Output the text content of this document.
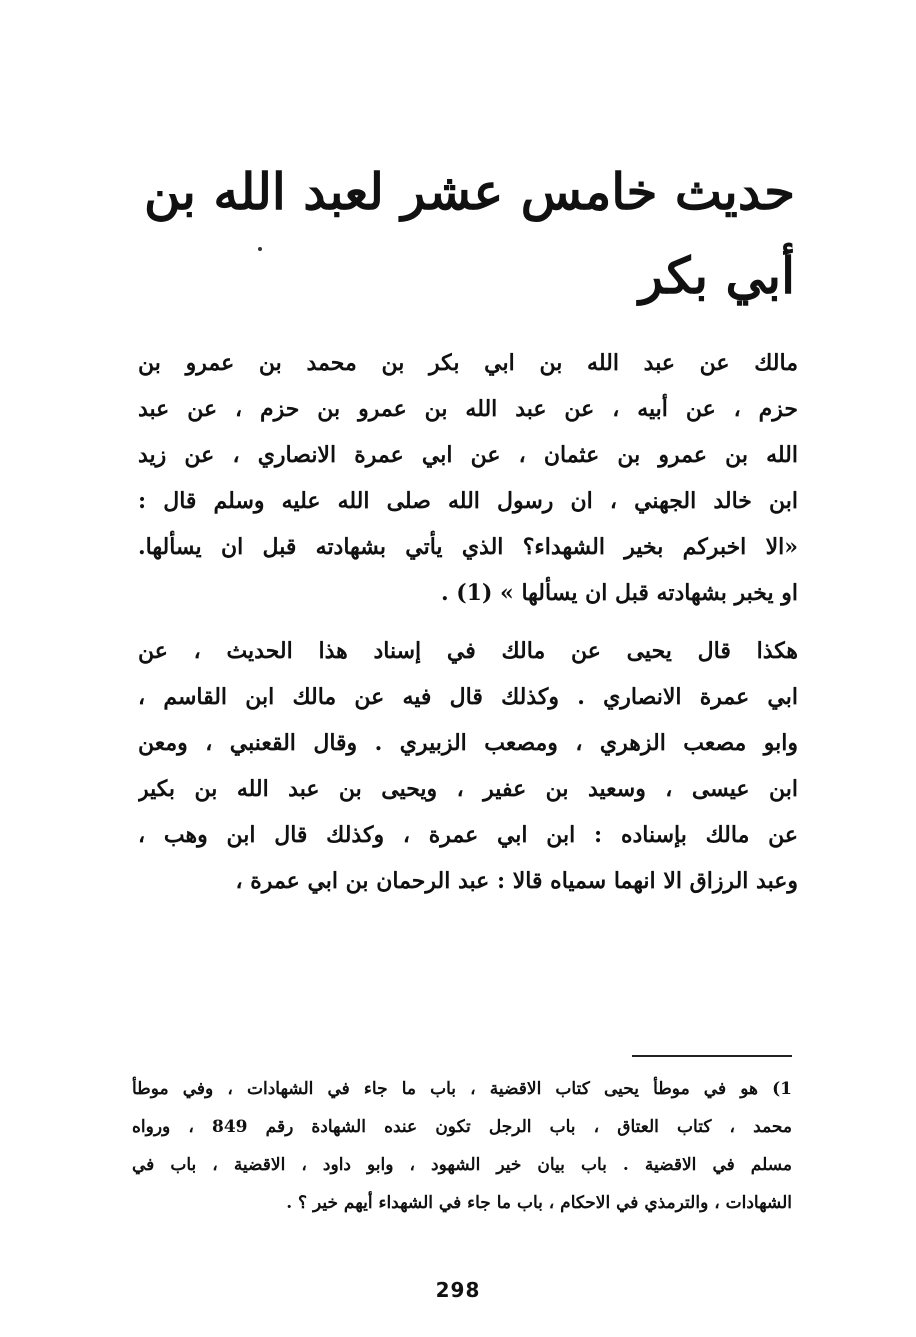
حديث خامس عشر لعبد الله بن
أبي بكر

مالك عن عبد الله بن ابي بكر بن محمد بن عمرو بن
حزم ، عن أبيه ، عن عبد الله بن عمرو بن حزم ، عن عبد
الله بن عمرو بن عثمان ، عن ابي عمرة الانصاري ، عن زيد
ابن خالد الجهني ، ان رسول الله صلى الله عليه وسلم قال :
«الا اخبركم بخير الشهداء؟ الذي يأتي بشهادته قبل ان يسألها.
او يخبر بشهادته قبل ان يسألها » (1) .

هكذا قال يحيى عن مالك في إسناد هذا الحديث ، عن
ابي عمرة الانصاري . وكذلك قال فيه عن مالك ابن القاسم ،
وابو مصعب الزهري ، ومصعب الزبيري . وقال القعنبي ، ومعن
ابن عيسى ، وسعيد بن عفير ، ويحيى بن عبد الله بن بكير
عن مالك بإسناده : ابن ابي عمرة ، وكذلك قال ابن وهب ،
وعبد الرزاق الا انهما سمياه قالا : عبد الرحمان بن ابي عمرة ،

1) هو في موطأ يحيى كتاب الاقضية ، باب ما جاء في الشهادات ، وفي موطأ
محمد ، كتاب العتاق ، باب الرجل تكون عنده الشهادة رقم 849 ، ورواه
مسلم في الاقضية . باب بيان خير الشهود ، وابو داود ، الاقضية ، باب في
الشهادات ، والترمذي في الاحكام ، باب ما جاء في الشهداء أيهم خير ؟ .

298
